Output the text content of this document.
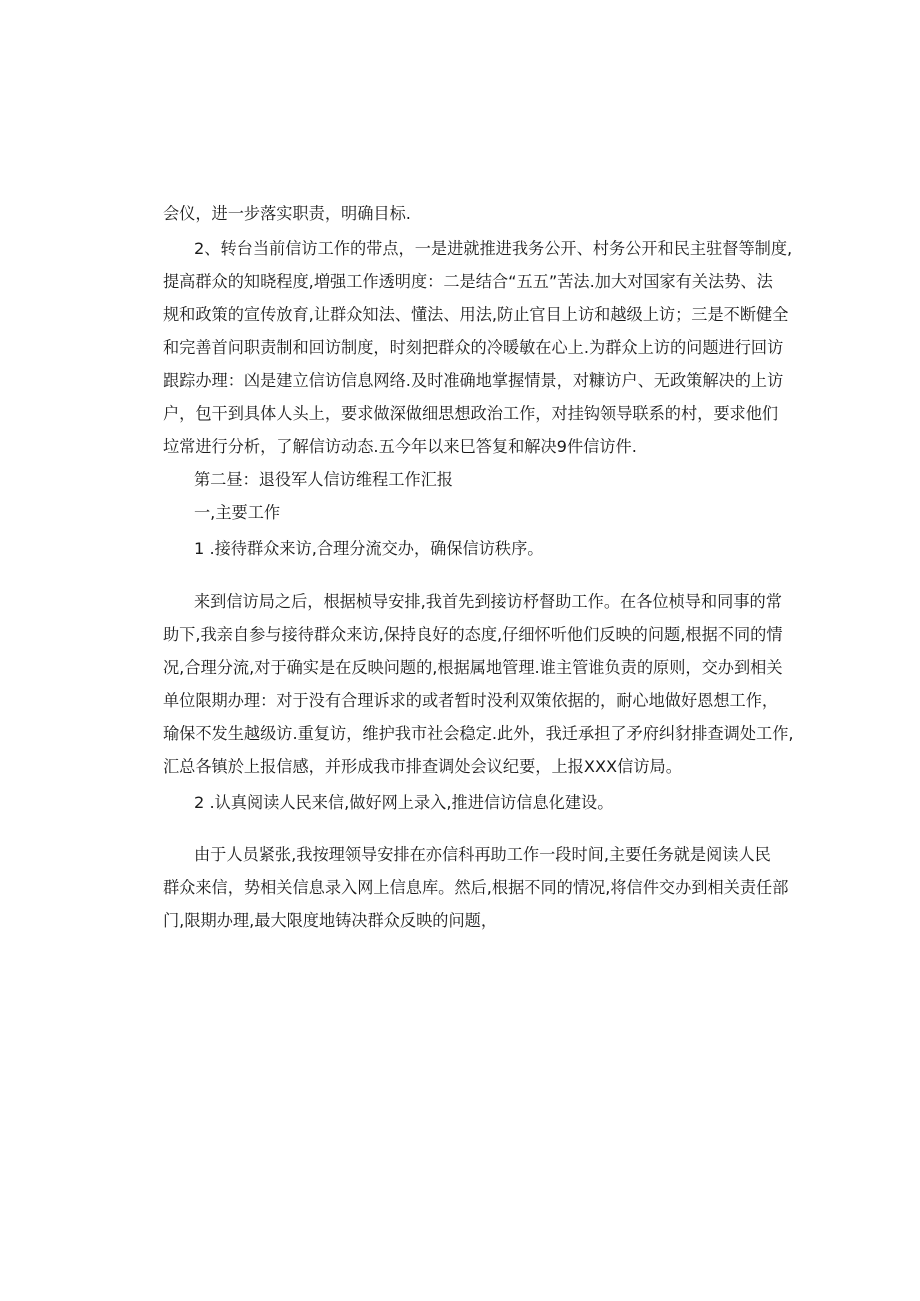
会仪，进一步落实职责，明确目标.
2、转台当前信访工作的带点，一是进就推进我务公开、村务公开和民主驻督等制度,
提高群众的知晓程度,増强工作透明度：二是结合“五五”苦法.加大对国家有关法势、法
规和政策的宣传放育,让群众知法、懂法、用法,防止官目上访和越级上访；三是不断健全
和完善首问职责制和回访制度，时刻把群众的冷暖敏在心上.为群众上访的问题进行回访
跟踪办理：凶是建立信访信息网络.及时准确地掌握情景，对糠访户、无政策解决的上访
户，包干到具体人头上，要求做深做细思想政治工作，对挂钩领导联系的村，要求他们
垃常进行分析，了解信访动态.五今年以来巳答复和解决9件信访件.
第二昼：退役军人信访维程工作汇报
一,主要工作
1 .接待群众来访,合理分流交办，确保信访秩序。
来到信访局之后，根据桢导安排,我首先到接访杼督助工作。在各位桢导和同事的常
助下,我亲自参与接待群众来访,保持良好的态度,仔细怀听他们反映的问题,根据不同的情
况,合理分流,对于确实是在反映问题的,根据属地管理.谁主管谁负责的原则，交办到相关
单位限期办理：对于没有合理诉求的或者暂时没利双策依据的，耐心地做好恩想工作，
瑜保不发生越级访.重复访，维护我市社会稳定.此外，我迁承担了矛府纠豺排查调处工作,
汇总各镇於上报信感，并形成我市排查调处会议纪要，上报XXX信访局。
2 .认真阅读人民来信,做好网上录入,推进信访信息化建设。
由于人员紧张,我按理领导安排在亦信科再助工作一段时间,主要任务就是阅读人民
群众来信，势相关信息录入网上信息库。然后,根据不同的情况,将信件交办到相关责任部
门,限期办理,最大限度地铸决群众反映的问题，
